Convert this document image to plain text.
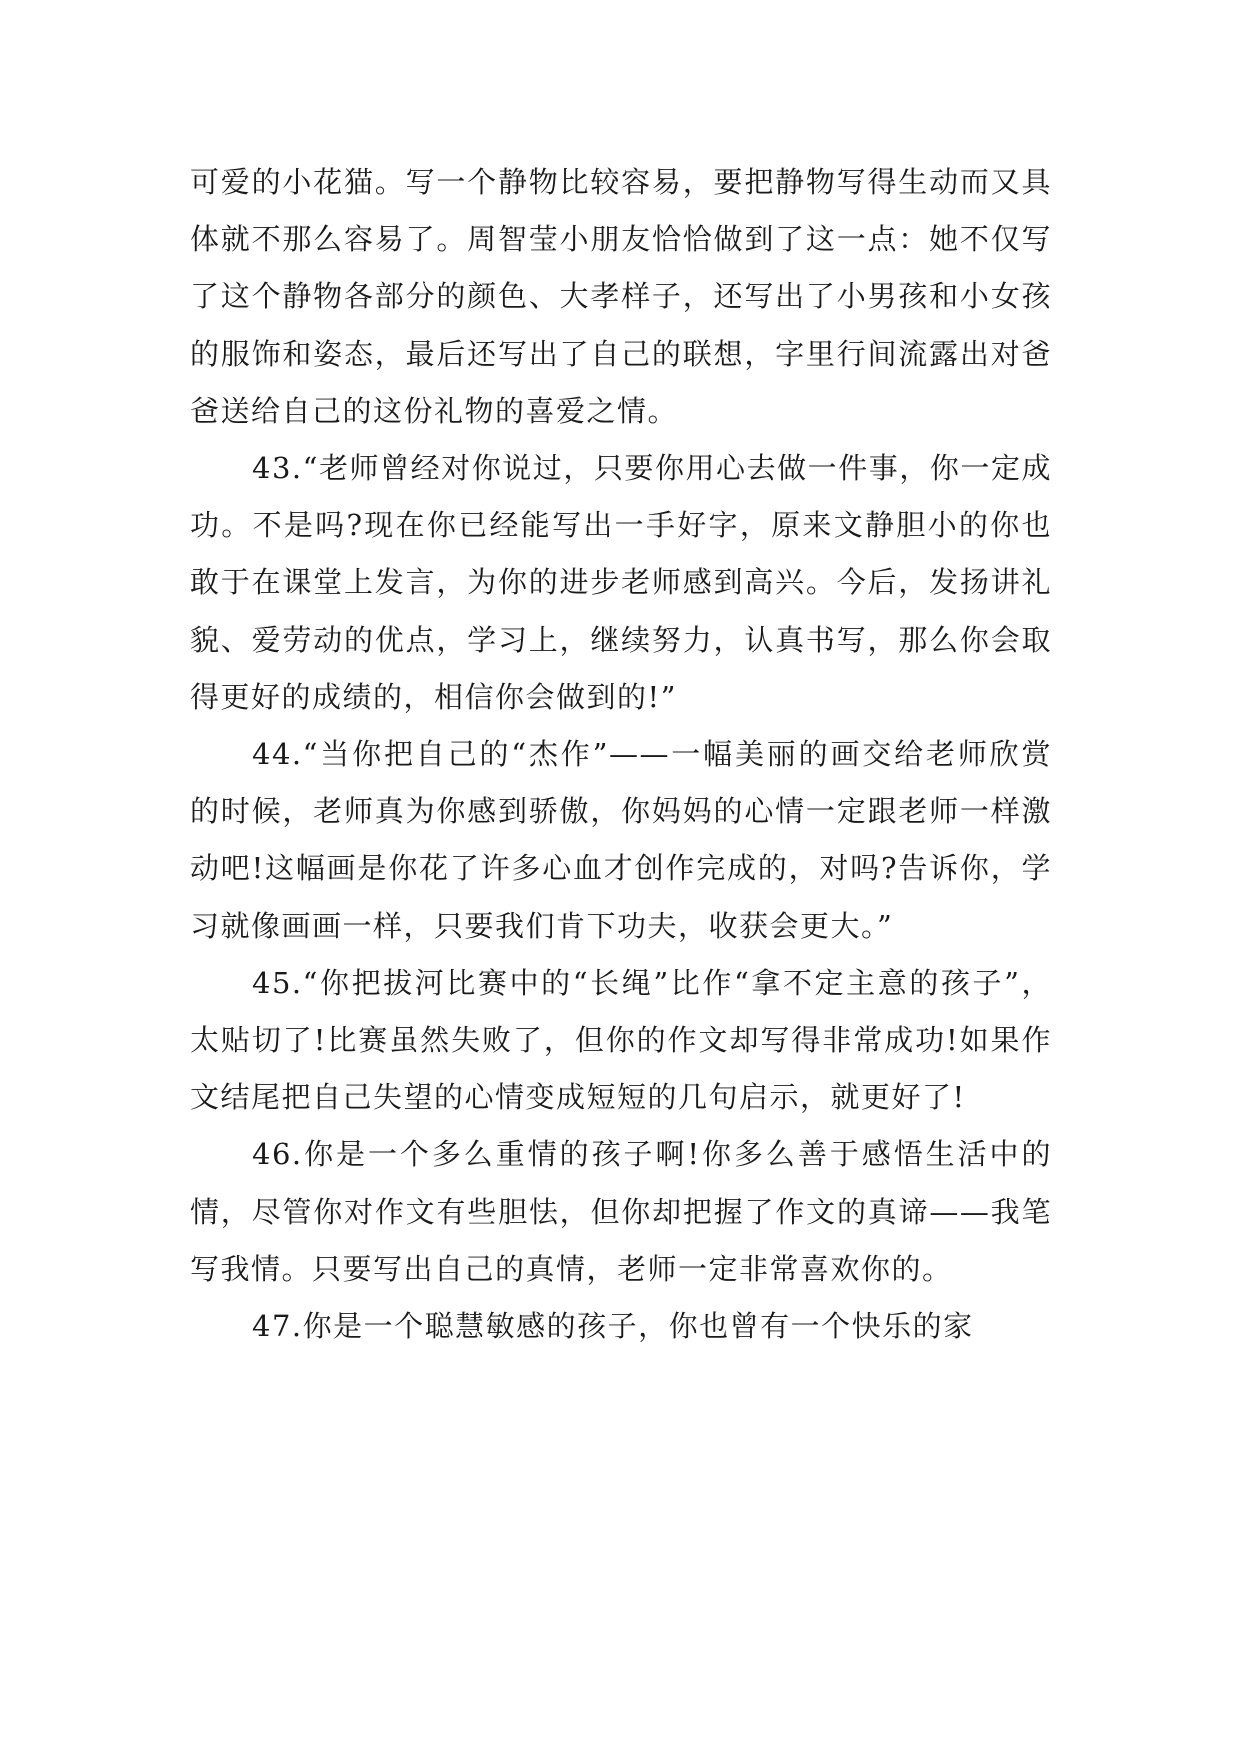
可爱的小花猫。写一个静物比较容易，要把静物写得生动而又具体就不那么容易了。周智莹小朋友恰恰做到了这一点：她不仅写了这个静物各部分的颜色、大孝样子，还写出了小男孩和小女孩的服饰和姿态，最后还写出了自己的联想，字里行间流露出对爸爸送给自己的这份礼物的喜爱之情。

43.“老师曾经对你说过，只要你用心去做一件事，你一定成功。不是吗?现在你已经能写出一手好字，原来文静胆小的你也敢于在课堂上发言，为你的进步老师感到高兴。今后，发扬讲礼貌、爱劳动的优点，学习上，继续努力，认真书写，那么你会取得更好的成绩的，相信你会做到的!”

44.“当你把自己的“杰作”——一幅美丽的画交给老师欣赏的时候，老师真为你感到骄傲，你妈妈的心情一定跟老师一样激动吧!这幅画是你花了许多心血才创作完成的，对吗?告诉你，学习就像画画一样，只要我们肯下功夫，收获会更大。”

45.“你把拔河比赛中的“长绳”比作“拿不定主意的孩子”，太贴切了!比赛虽然失败了，但你的作文却写得非常成功!如果作文结尾把自己失望的心情变成短短的几句启示，就更好了!

46.你是一个多么重情的孩子啊!你多么善于感悟生活中的情，尽管你对作文有些胆怯，但你却把握了作文的真谛——我笔写我情。只要写出自己的真情，老师一定非常喜欢你的。

47.你是一个聪慧敏感的孩子，你也曾有一个快乐的家
